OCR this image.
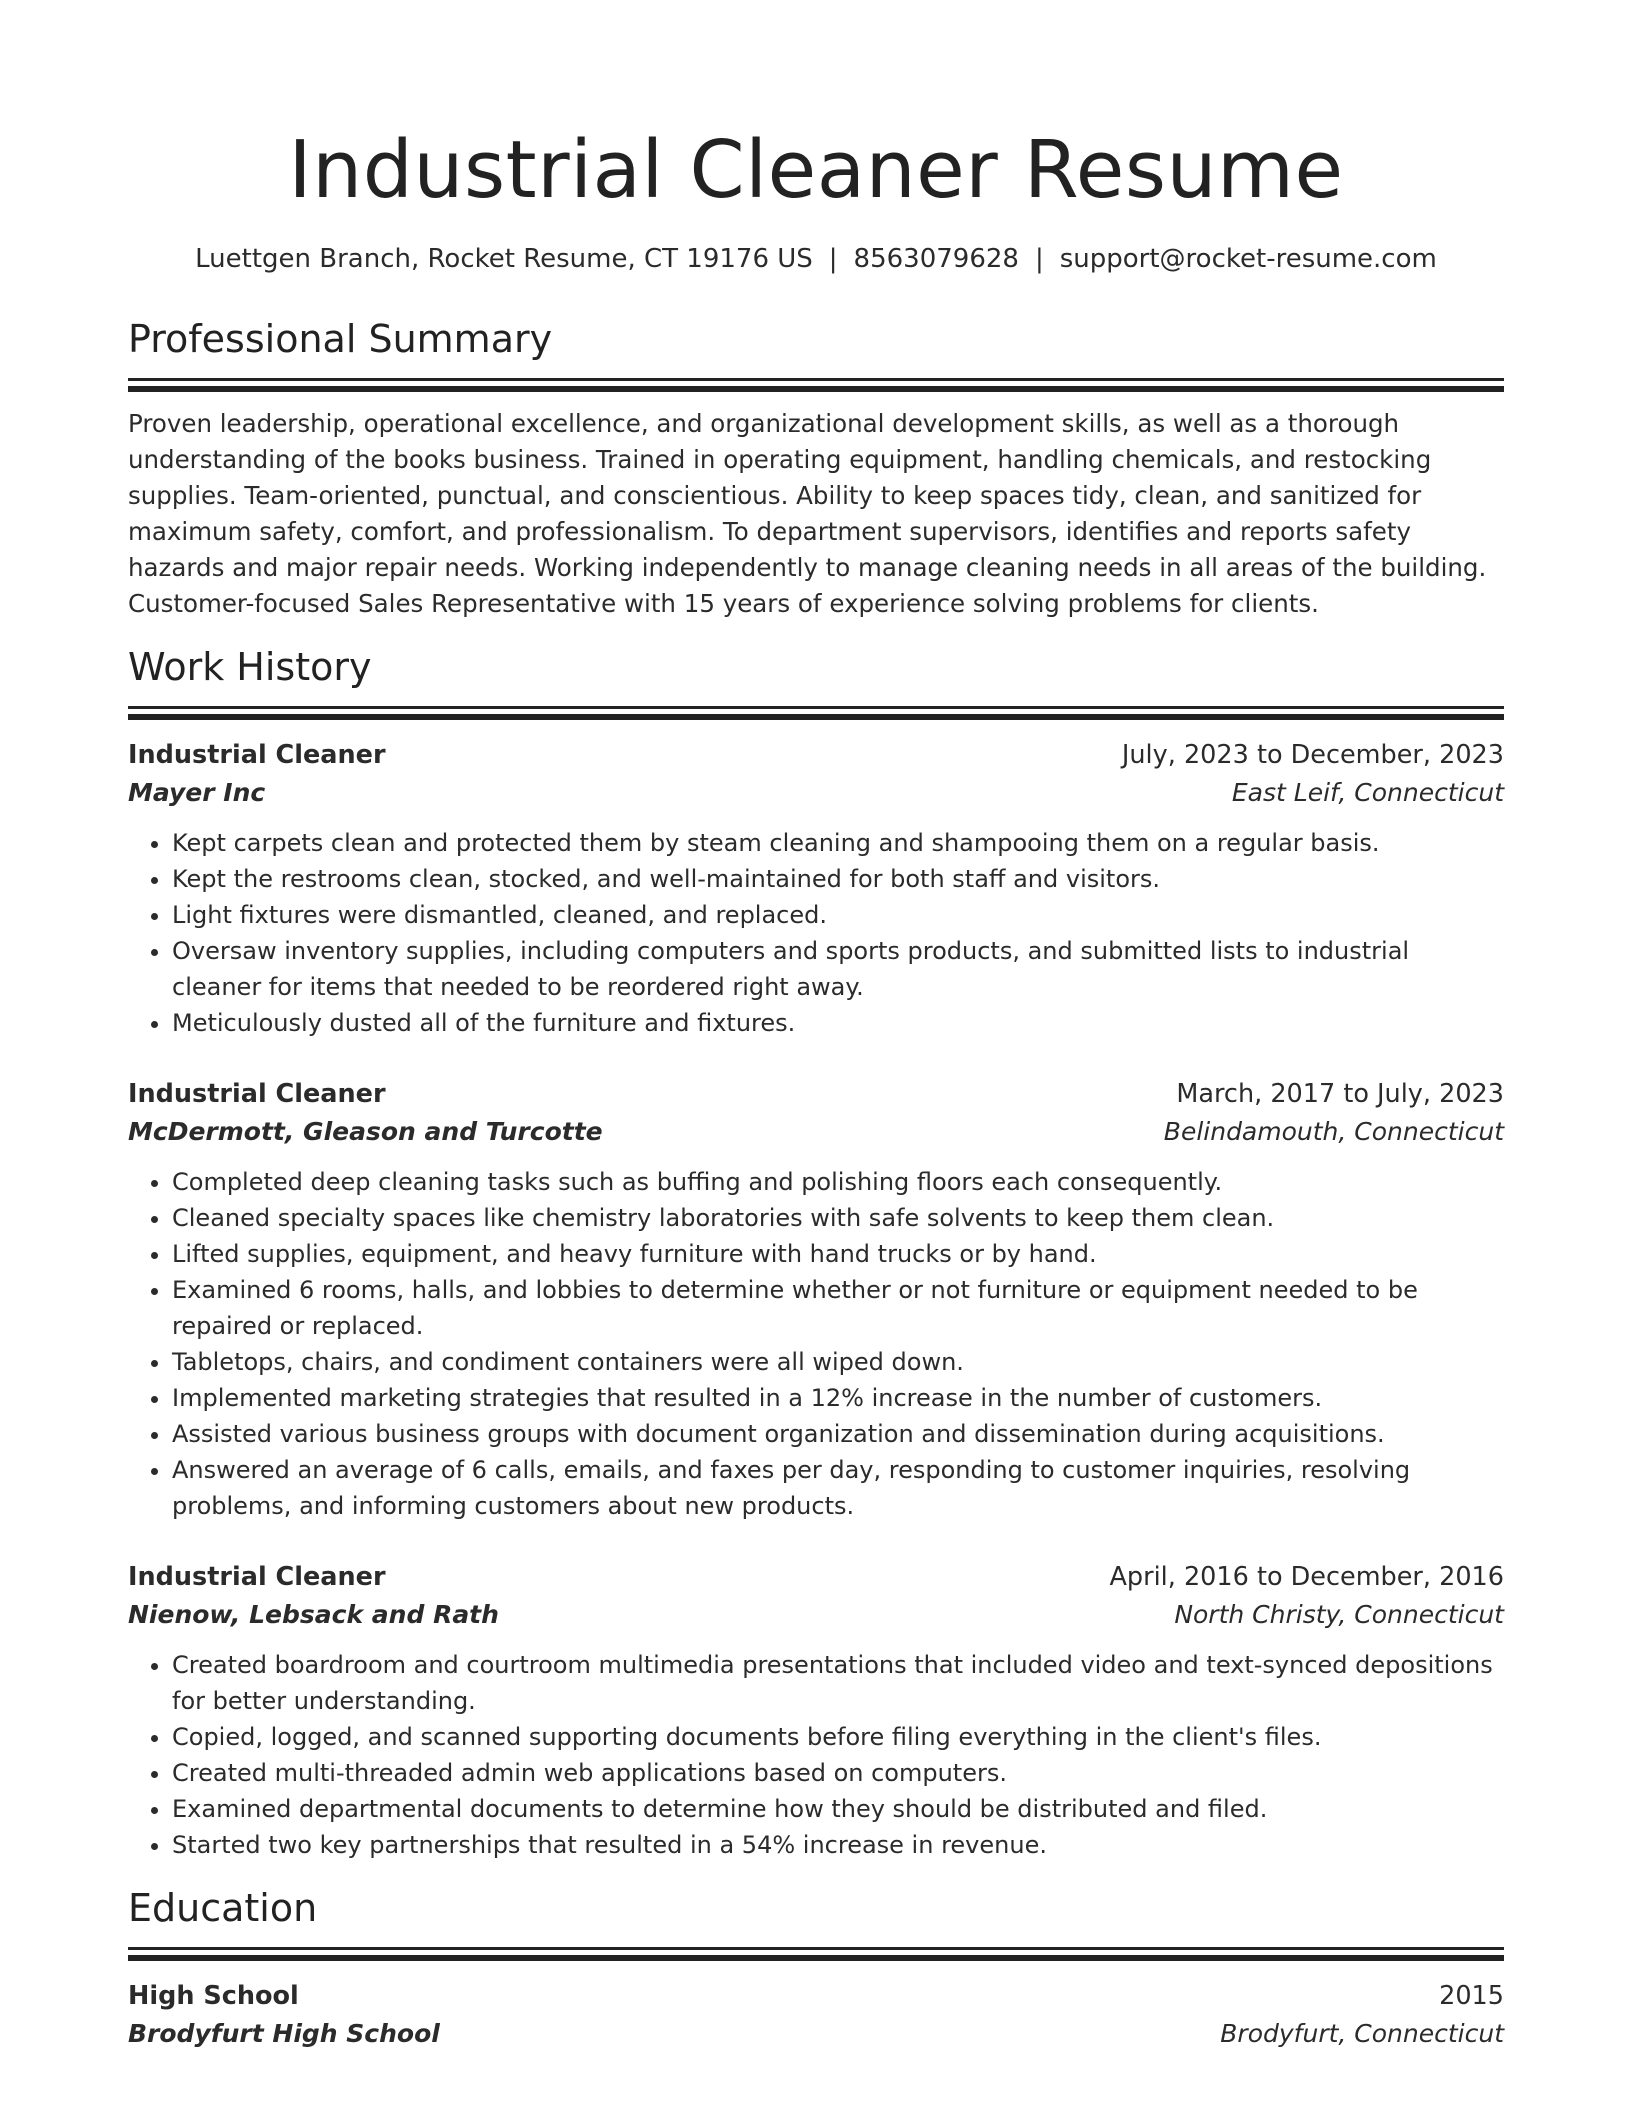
Industrial Cleaner Resume
Luettgen Branch, Rocket Resume, CT 19176 US | 8563079628 | support@rocket-resume.com
Professional Summary

Proven leadership, operational excellence, and organizational development skills, as well as a thorough understanding of the books business. Trained in operating equipment, handling chemicals, and restocking supplies. Team-oriented, punctual, and conscientious. Ability to keep spaces tidy, clean, and sanitized for maximum safety, comfort, and professionalism. To department supervisors, identifies and reports safety hazards and major repair needs. Working independently to manage cleaning needs in all areas of the building. Customer-focused Sales Representative with 15 years of experience solving problems for clients.

Work History
Industrial Cleaner	July, 2023 to December, 2023
Mayer Inc	East Leif, Connecticut
• Kept carpets clean and protected them by steam cleaning and shampooing them on a regular basis.
• Kept the restrooms clean, stocked, and well-maintained for both staff and visitors.
• Light fixtures were dismantled, cleaned, and replaced.
• Oversaw inventory supplies, including computers and sports products, and submitted lists to industrial cleaner for items that needed to be reordered right away.
• Meticulously dusted all of the furniture and fixtures.
Industrial Cleaner	March, 2017 to July, 2023
McDermott, Gleason and Turcotte	Belindamouth, Connecticut
• Completed deep cleaning tasks such as buffing and polishing floors each consequently.
• Cleaned specialty spaces like chemistry laboratories with safe solvents to keep them clean.
• Lifted supplies, equipment, and heavy furniture with hand trucks or by hand.
• Examined 6 rooms, halls, and lobbies to determine whether or not furniture or equipment needed to be repaired or replaced.
• Tabletops, chairs, and condiment containers were all wiped down.
• Implemented marketing strategies that resulted in a 12% increase in the number of customers.
• Assisted various business groups with document organization and dissemination during acquisitions.
• Answered an average of 6 calls, emails, and faxes per day, responding to customer inquiries, resolving problems, and informing customers about new products.
Industrial Cleaner	April, 2016 to December, 2016
Nienow, Lebsack and Rath	North Christy, Connecticut
• Created boardroom and courtroom multimedia presentations that included video and text-synced depositions for better understanding.
• Copied, logged, and scanned supporting documents before filing everything in the client's files.
• Created multi-threaded admin web applications based on computers.
• Examined departmental documents to determine how they should be distributed and filed.
• Started two key partnerships that resulted in a 54% increase in revenue.
Education
High School	2015
Brodyfurt High School	Brodyfurt, Connecticut
